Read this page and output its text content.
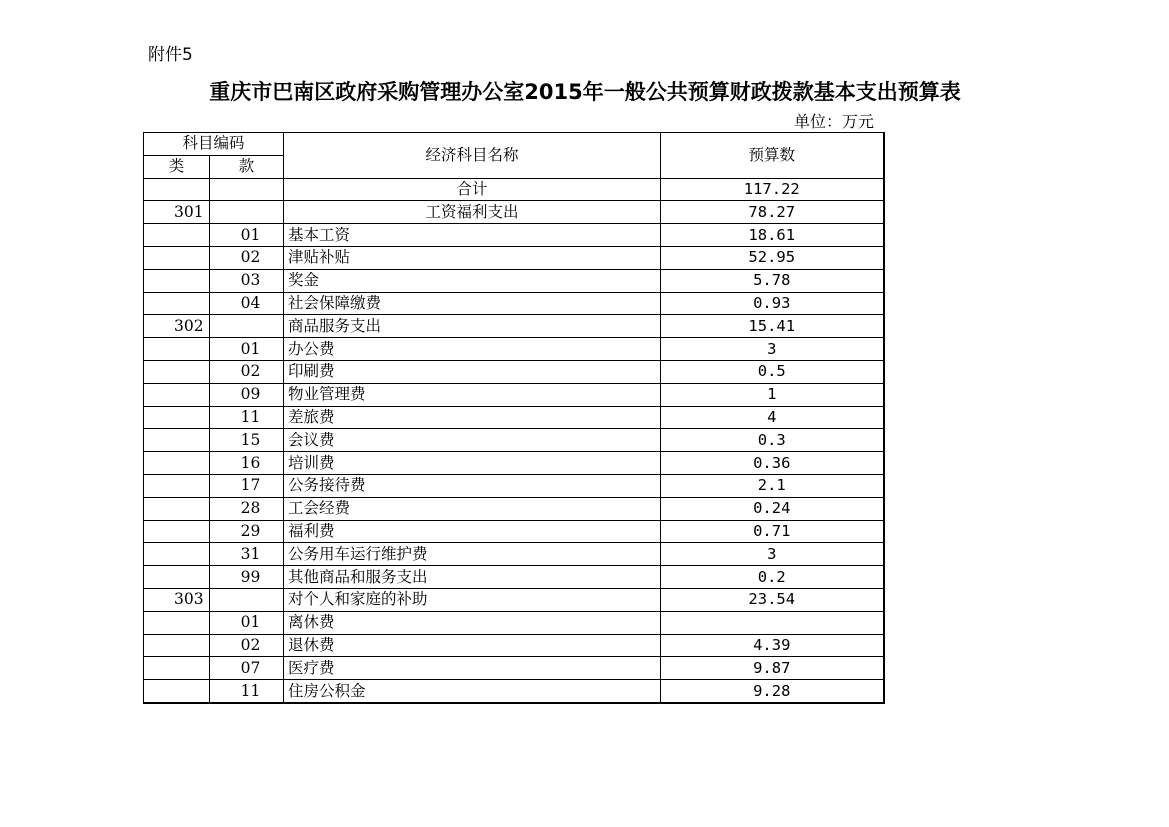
附件5
重庆市巴南区政府采购管理办公室2015年一般公共预算财政拨款基本支出预算表
单位：万元
科目编码		经济科目名称	预算数
类	款		
		合计	117.22
301		工资福利支出	78.27
	01	基本工资	18.61
	02	津贴补贴	52.95
	03	奖金	5.78
	04	社会保障缴费	0.93
302		商品服务支出	15.41
	01	办公费	3
	02	印刷费	0.5
	09	物业管理费	1
	11	差旅费	4
	15	会议费	0.3
	16	培训费	0.36
	17	公务接待费	2.1
	28	工会经费	0.24
	29	福利费	0.71
	31	公务用车运行维护费	3
	99	其他商品和服务支出	0.2
303		对个人和家庭的补助	23.54
	01	离休费	
	02	退休费	4.39
	07	医疗费	9.87
	11	住房公积金	9.28
